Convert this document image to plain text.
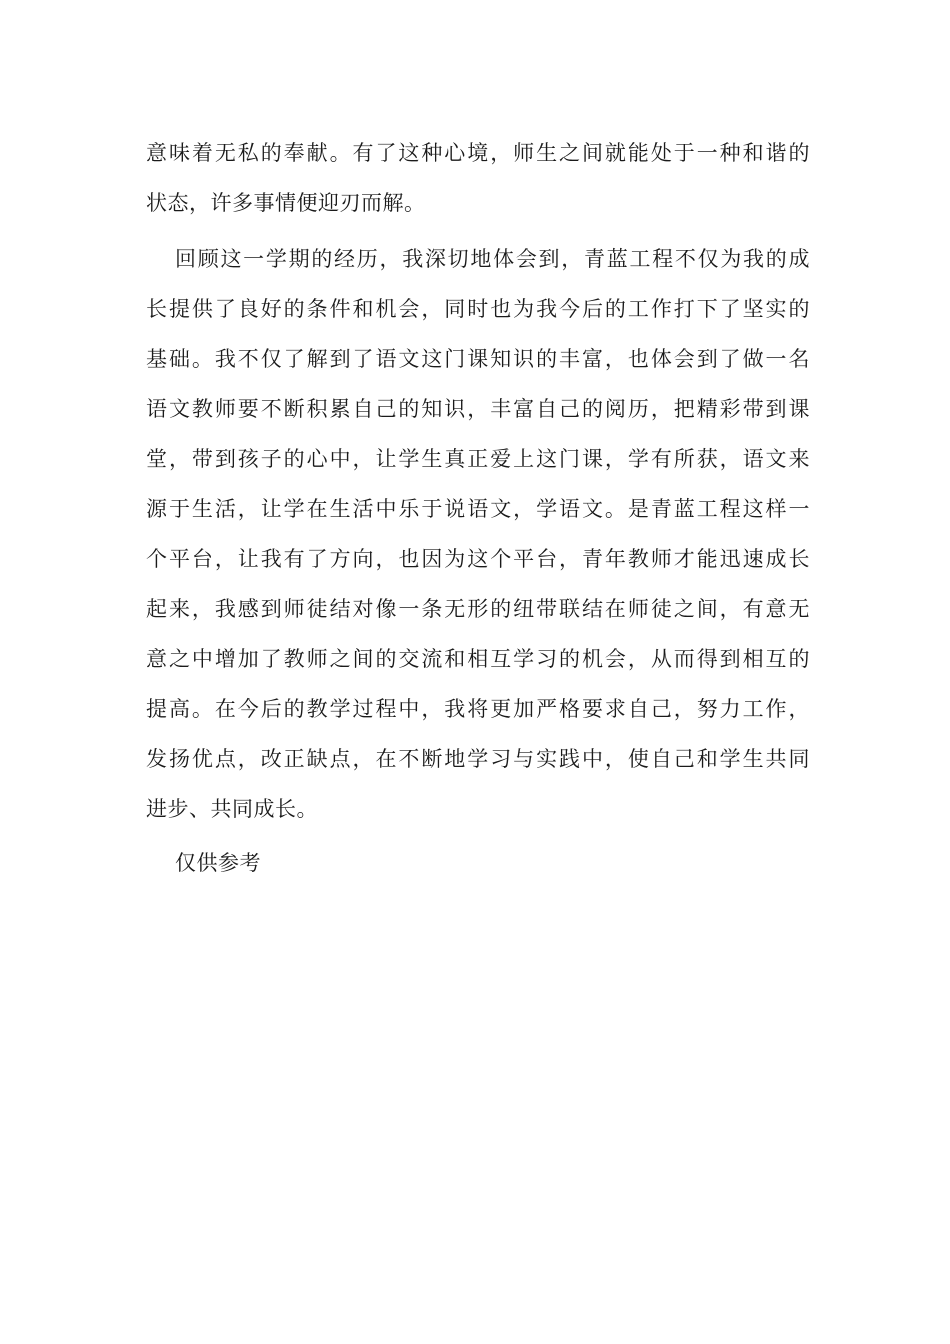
意味着无私的奉献。有了这种心境，师生之间就能处于一种和谐的
状态，许多事情便迎刃而解。
回顾这一学期的经历，我深切地体会到，青蓝工程不仅为我的成
长提供了良好的条件和机会，同时也为我今后的工作打下了坚实的
基础。我不仅了解到了语文这门课知识的丰富，也体会到了做一名
语文教师要不断积累自己的知识，丰富自己的阅历，把精彩带到课
堂，带到孩子的心中，让学生真正爱上这门课，学有所获，语文来
源于生活，让学在生活中乐于说语文，学语文。是青蓝工程这样一
个平台，让我有了方向，也因为这个平台，青年教师才能迅速成长
起来，我感到师徒结对像一条无形的纽带联结在师徒之间，有意无
意之中增加了教师之间的交流和相互学习的机会，从而得到相互的
提高。在今后的教学过程中，我将更加严格要求自己，努力工作，
发扬优点，改正缺点，在不断地学习与实践中，使自己和学生共同
进步、共同成长。
仅供参考
